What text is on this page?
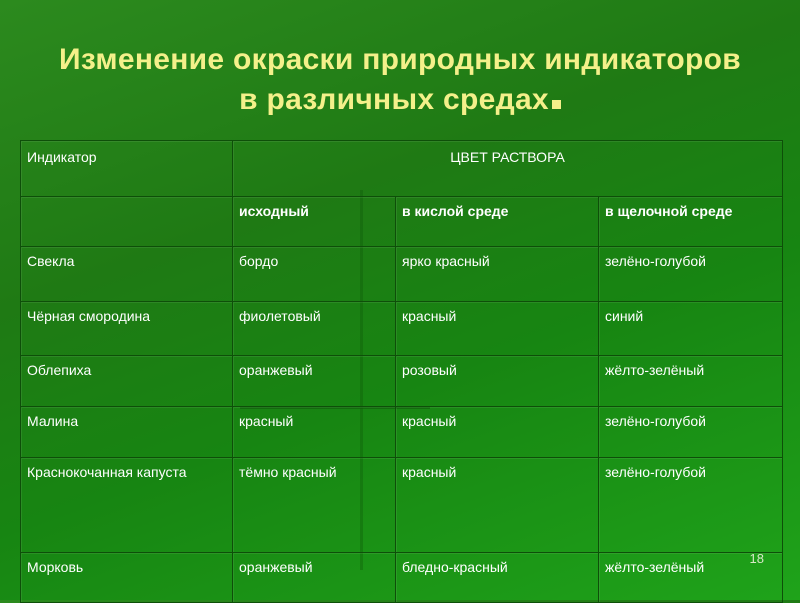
Изменение окраски природных индикаторов
в различных средах
Индикатор	ЦВЕТ РАСТВОРА		
	исходный	в кислой среде	в щелочной среде
Свекла	бордо	ярко красный	зелёно-голубой
Чёрная смородина	фиолетовый	красный	синий
Облепиха	оранжевый	розовый	жёлто-зелёный
Малина	красный	красный	зелёно-голубой
Краснокочанная капуста	тёмно красный	красный	зелёно-голубой
Морковь	оранжевый	бледно-красный	жёлто-зелёный
18
